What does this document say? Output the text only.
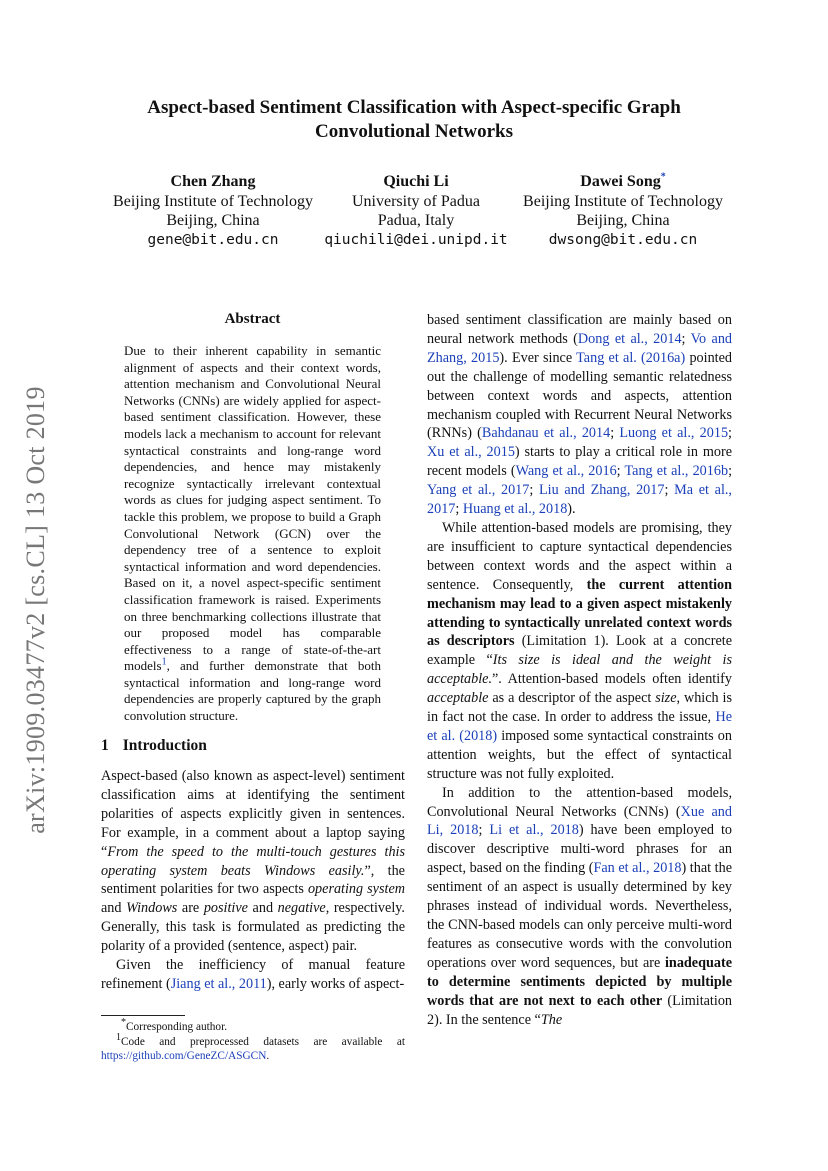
Aspect-based Sentiment Classification with Aspect-specific Graph
Convolutional Networks
Chen Zhang
Beijing Institute of Technology
Beijing, China
gene@bit.edu.cn
Qiuchi Li
University of Padua
Padua, Italy
qiuchili@dei.unipd.it
Dawei Song*
Beijing Institute of Technology
Beijing, China
dwsong@bit.edu.cn
arXiv:1909.03477v2 [cs.CL] 13 Oct 2019
Abstract

Due to their inherent capability in semantic alignment of aspects and their context words, attention mechanism and Convolutional Neural Networks (CNNs) are widely applied for aspect-based sentiment classification. However, these models lack a mechanism to account for relevant syntactical constraints and long-range word dependencies, and hence may mistakenly recognize syntactically irrelevant contextual words as clues for judging aspect sentiment. To tackle this problem, we propose to build a Graph Convolutional Network (GCN) over the dependency tree of a sentence to exploit syntactical information and word dependencies. Based on it, a novel aspect-specific sentiment classification framework is raised. Experiments on three benchmarking collections illustrate that our proposed model has comparable effectiveness to a range of state-of-the-art models$^1$, and further demonstrate that both syntactical information and long-range word dependencies are properly captured by the graph convolution structure.

1 Introduction

Aspect-based (also known as aspect-level) sentiment classification aims at identifying the sentiment polarities of aspects explicitly given in sentences. For example, in a comment about a laptop saying “From the speed to the multi-touch gestures this operating system beats Windows easily.”, the sentiment polarities for two aspects operating system and Windows are positive and negative, respectively. Generally, this task is formulated as predicting the polarity of a provided (sentence, aspect) pair.

Given the inefficiency of manual feature refinement (Jiang et al., 2011), early works of aspect-

*Corresponding author.

1Code and preprocessed datasets are available at https://github.com/GeneZC/ASGCN.

based sentiment classification are mainly based on neural network methods (Dong et al., 2014; Vo and Zhang, 2015). Ever since Tang et al. (2016a) pointed out the challenge of modelling semantic relatedness between context words and aspects, attention mechanism coupled with Recurrent Neural Networks (RNNs) (Bahdanau et al., 2014; Luong et al., 2015; Xu et al., 2015) starts to play a critical role in more recent models (Wang et al., 2016; Tang et al., 2016b; Yang et al., 2017; Liu and Zhang, 2017; Ma et al., 2017; Huang et al., 2018).

While attention-based models are promising, they are insufficient to capture syntactical dependencies between context words and the aspect within a sentence. Consequently, the current attention mechanism may lead to a given aspect mistakenly attending to syntactically unrelated context words as descriptors (Limitation 1). Look at a concrete example “Its size is ideal and the weight is acceptable.”. Attention-based models often identify acceptable as a descriptor of the aspect size, which is in fact not the case. In order to address the issue, He et al. (2018) imposed some syntactical constraints on attention weights, but the effect of syntactical structure was not fully exploited.

In addition to the attention-based models, Convolutional Neural Networks (CNNs) (Xue and Li, 2018; Li et al., 2018) have been employed to discover descriptive multi-word phrases for an aspect, based on the finding (Fan et al., 2018) that the sentiment of an aspect is usually determined by key phrases instead of individual words. Nevertheless, the CNN-based models can only perceive multi-word features as consecutive words with the convolution operations over word sequences, but are inadequate to determine sentiments depicted by multiple words that are not next to each other (Limitation 2). In the sentence “The
